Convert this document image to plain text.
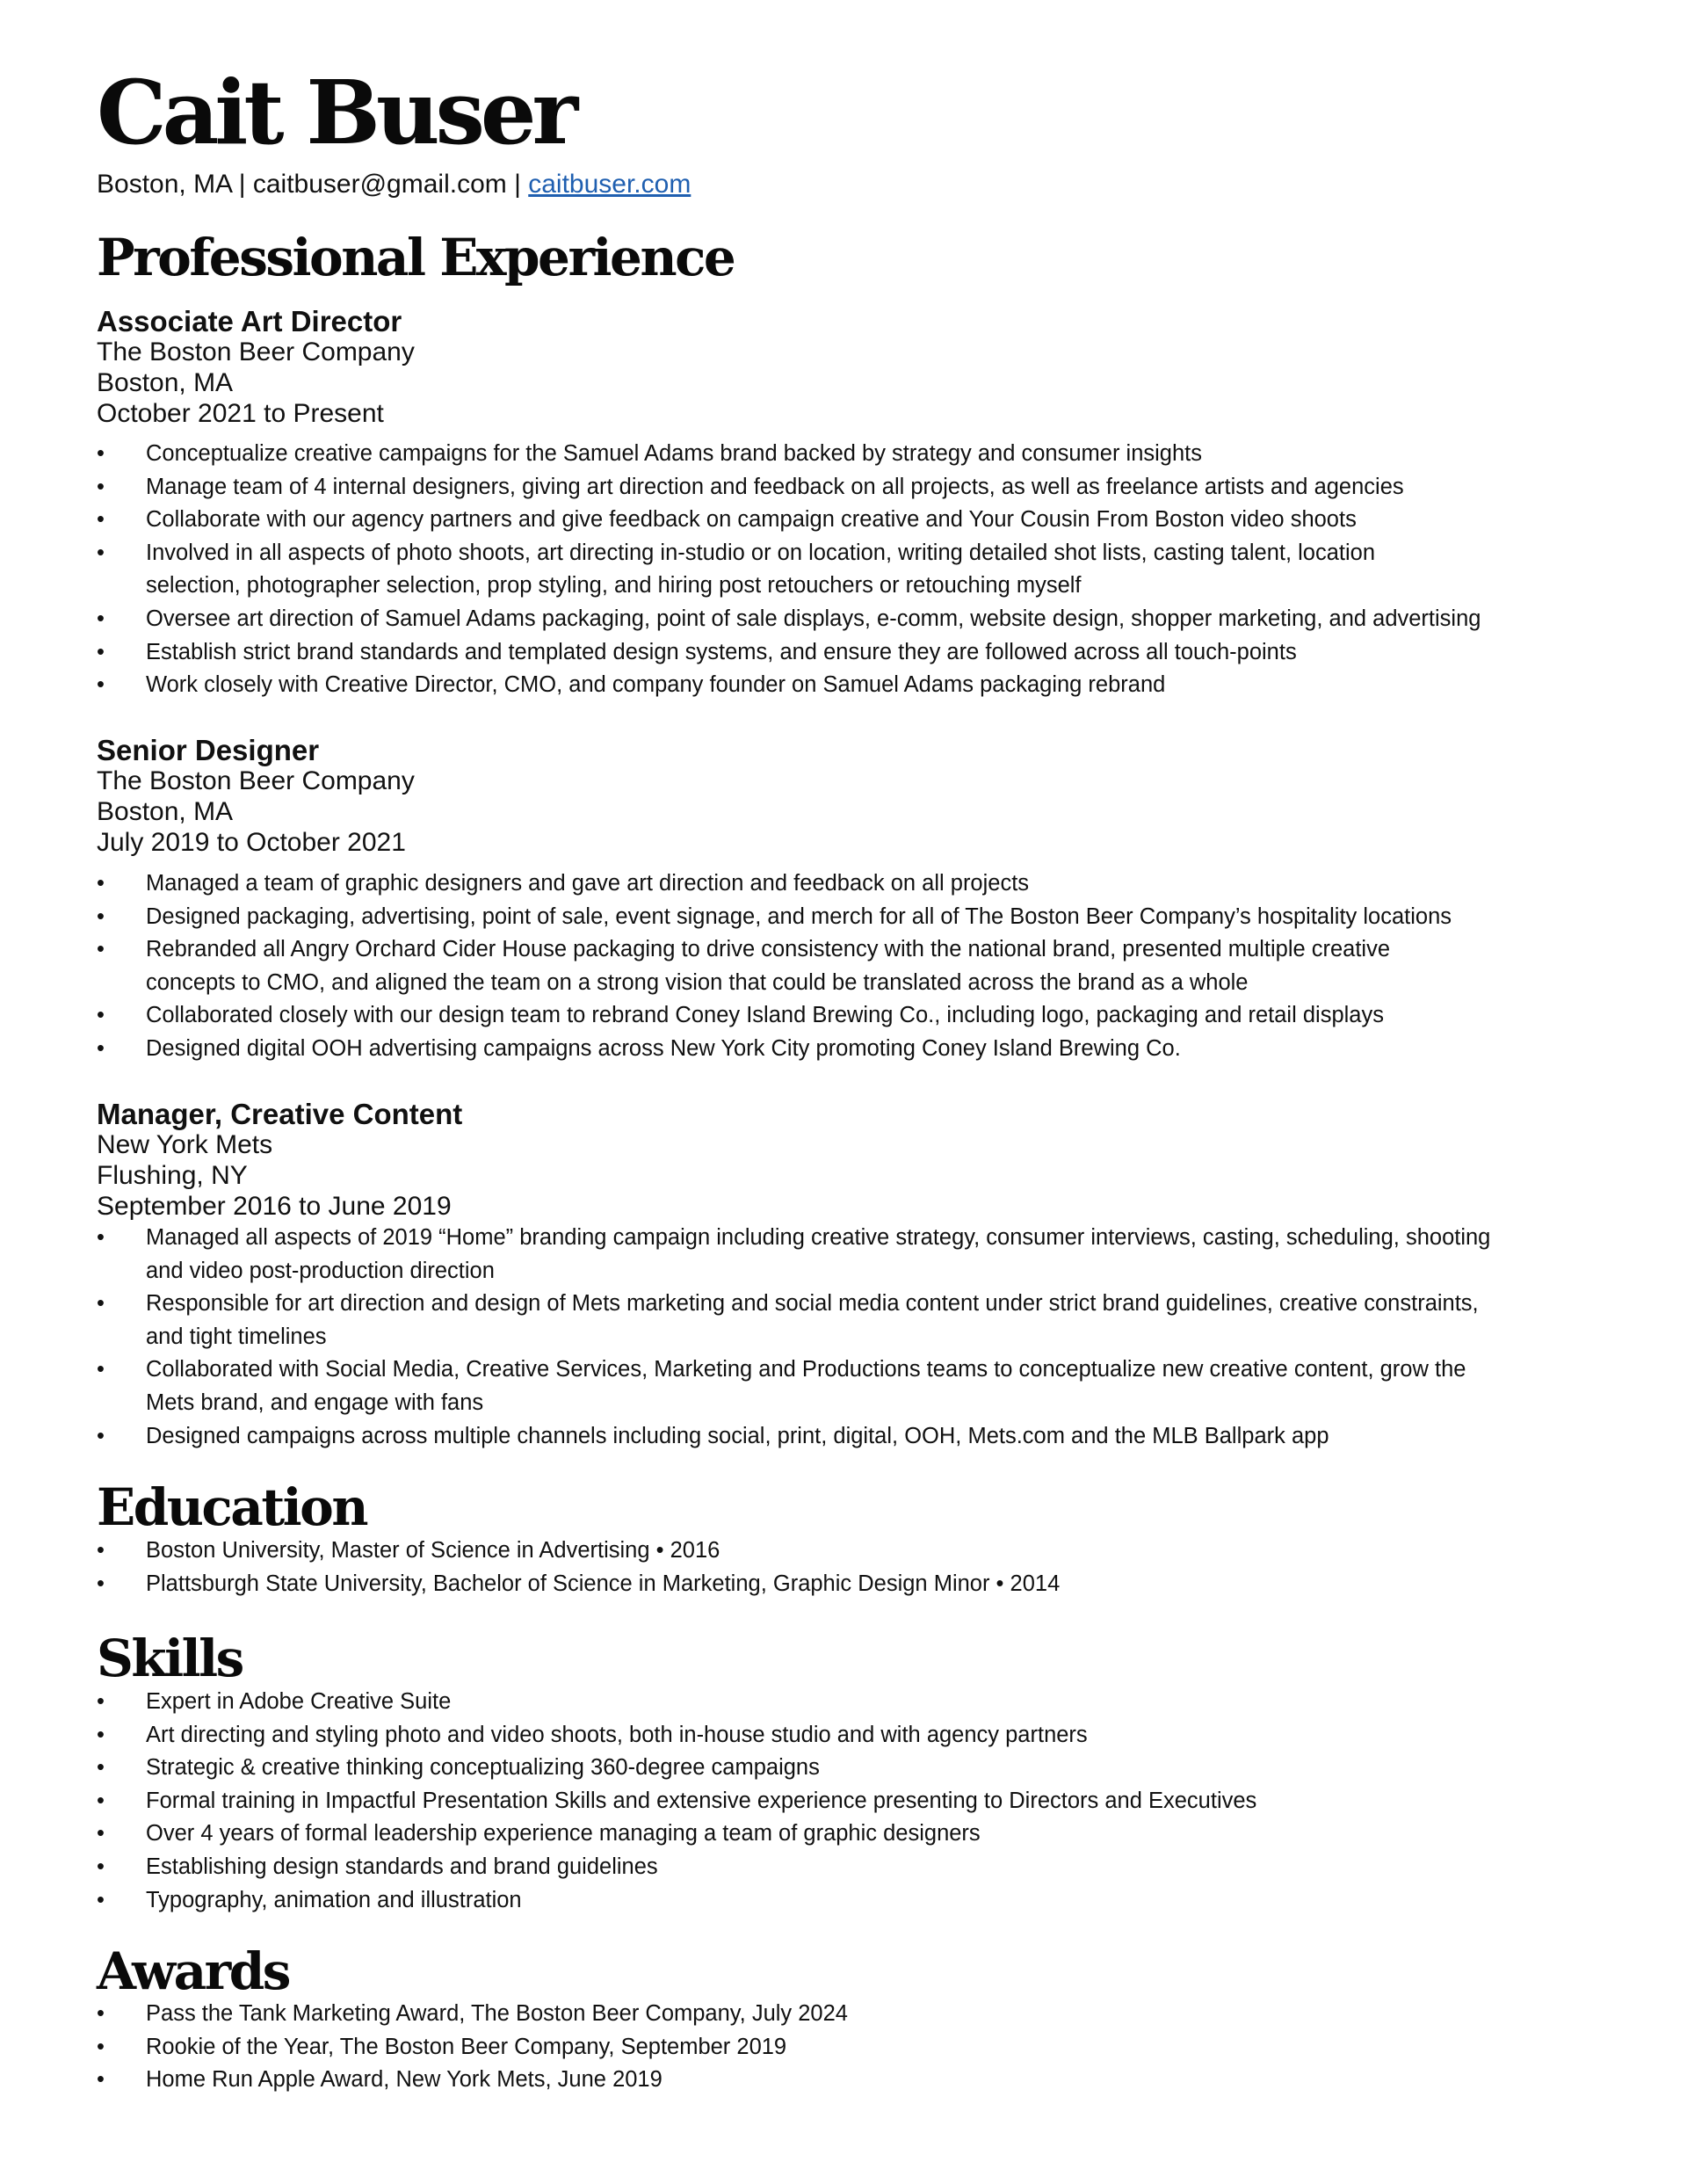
Cait Buser
Boston, MA | caitbuser@gmail.com | caitbuser.com
Professional Experience
Associate Art Director
The Boston Beer Company
Boston, MA
October 2021 to Present
• Conceptualize creative campaigns for the Samuel Adams brand backed by strategy and consumer insights
• Manage team of 4 internal designers, giving art direction and feedback on all projects, as well as freelance artists and agencies
• Collaborate with our agency partners and give feedback on campaign creative and Your Cousin From Boston video shoots
• Involved in all aspects of photo shoots, art directing in-studio or on location, writing detailed shot lists, casting talent, location
selection, photographer selection, prop styling, and hiring post retouchers or retouching myself
• Oversee art direction of Samuel Adams packaging, point of sale displays, e-comm, website design, shopper marketing, and advertising
• Establish strict brand standards and templated design systems, and ensure they are followed across all touch-points
• Work closely with Creative Director, CMO, and company founder on Samuel Adams packaging rebrand
Senior Designer
The Boston Beer Company
Boston, MA
July 2019 to October 2021
• Managed a team of graphic designers and gave art direction and feedback on all projects
• Designed packaging, advertising, point of sale, event signage, and merch for all of The Boston Beer Company’s hospitality locations
• Rebranded all Angry Orchard Cider House packaging to drive consistency with the national brand, presented multiple creative
concepts to CMO, and aligned the team on a strong vision that could be translated across the brand as a whole
• Collaborated closely with our design team to rebrand Coney Island Brewing Co., including logo, packaging and retail displays
• Designed digital OOH advertising campaigns across New York City promoting Coney Island Brewing Co.
Manager, Creative Content
New York Mets
Flushing, NY
September 2016 to June 2019
• Managed all aspects of 2019 “Home” branding campaign including creative strategy, consumer interviews, casting, scheduling, shooting
and video post-production direction
• Responsible for art direction and design of Mets marketing and social media content under strict brand guidelines, creative constraints,
and tight timelines
• Collaborated with Social Media, Creative Services, Marketing and Productions teams to conceptualize new creative content, grow the
Mets brand, and engage with fans
• Designed campaigns across multiple channels including social, print, digital, OOH, Mets.com and the MLB Ballpark app
Education
• Boston University, Master of Science in Advertising • 2016
• Plattsburgh State University, Bachelor of Science in Marketing, Graphic Design Minor • 2014
Skills
• Expert in Adobe Creative Suite
• Art directing and styling photo and video shoots, both in-house studio and with agency partners
• Strategic & creative thinking conceptualizing 360-degree campaigns
• Formal training in Impactful Presentation Skills and extensive experience presenting to Directors and Executives
• Over 4 years of formal leadership experience managing a team of graphic designers
• Establishing design standards and brand guidelines
• Typography, animation and illustration
Awards
• Pass the Tank Marketing Award, The Boston Beer Company, July 2024
• Rookie of the Year, The Boston Beer Company, September 2019
• Home Run Apple Award, New York Mets, June 2019
